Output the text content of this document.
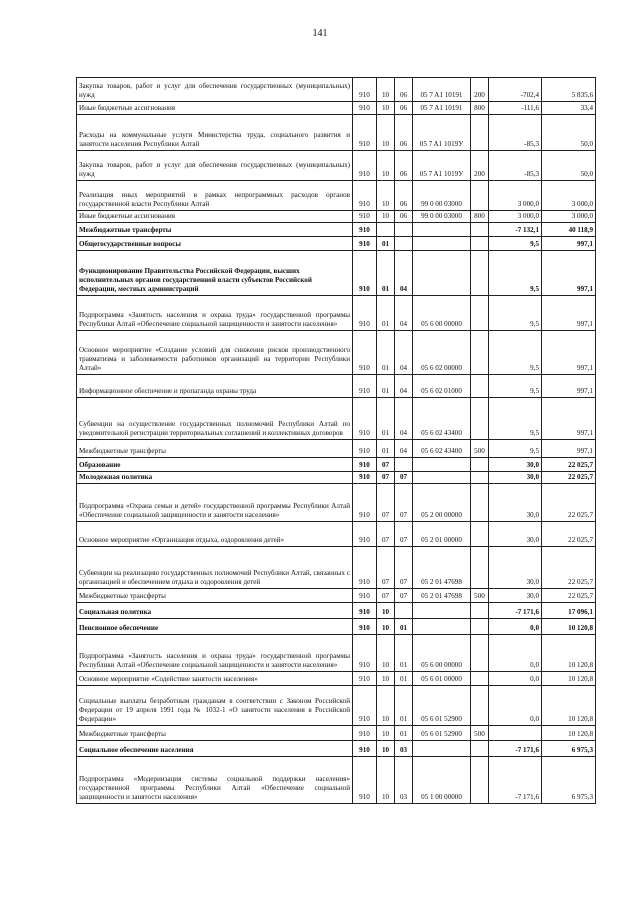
141
Закупка товаров, работ и услуг для обеспечения государственных (муниципальных) нужд	910	10	06	05 7 A1 10191	200	-702,4	5 835,6
Иные бюджетные ассигнования	910	10	06	05 7 A1 10191	800	-111,6	33,4
Расходы на коммунальные услуги Министерства труда, социального развития и занятости населения Республики Алтай	910	10	06	05 7 A1 1019У		-85,3	50,0
Закупка товаров, работ и услуг для обеспечения государственных (муниципальных) нужд	910	10	06	05 7 A1 1019У	200	-85,3	50,0
Реализация иных мероприятий в рамках непрограммных расходов органов государственной власти Республики Алтай	910	10	06	99 0 00 03000		3 000,0	3 000,0
Иные бюджетные ассигнования	910	10	06	99 0 00 03000	800	3 000,0	3 000,0
Межбюджетные трансферты	910					-7 132,1	40 118,9
Общегосударственные вопросы	910	01				9,5	997,1
Функционирование Правительства Российской Федерации, высших исполнительных органов государственной власти субъектов Российской Федерации, местных администраций	910	01	04			9,5	997,1
Подпрограмма «Занятость населения и охрана труда» государственной программы Республики Алтай «Обеспечение социальной защищенности и занятости населения»	910	01	04	05 6 00 00000		9,5	997,1
Основное мероприятие «Создание условий для снижения рисков производственного травматизма и заболеваемости работников организаций на территории Республики Алтай»	910	01	04	05 6 02 00000		9,5	997,1
Информационное обеспечение и пропаганда охраны труда	910	01	04	05 6 02 01000		9,5	997,1
Субвенции на осуществление государственных полномочий Республики Алтай по уведомительной регистрации территориальных соглашений и коллективных договоров	910	01	04	05 6 02 43400		9,5	997,1
Межбюджетные трансферты	910	01	04	05 6 02 43400	500	9,5	997,1
Образование	910	07				30,0	22 025,7
Молодежная политика	910	07	07			30,0	22 025,7
Подпрограмма «Охрана семьи и детей» государственной программы Республики Алтай «Обеспечение социальной защищенности и занятости населения»	910	07	07	05 2 00 00000		30,0	22 025,7
Основное мероприятие «Организация отдыха, оздоровления детей»	910	07	07	05 2 01 00000		30,0	22 025,7
Субвенции на реализацию государственных полномочий Республики Алтай, связанных с организацией и обеспечением отдыха и оздоровления детей	910	07	07	05 2 01 47698		30,0	22 025,7
Межбюджетные трансферты	910	07	07	05 2 01 47698	500	30,0	22 025,7
Социальная политика	910	10				-7 171,6	17 096,1
Пенсионное обеспечение	910	10	01			0,0	10 120,8
Подпрограмма «Занятость населения и охрана труда» государственной программы Республики Алтай «Обеспечение социальной защищенности и занятости населения»	910	10	01	05 6 00 00000		0,0	10 120,8
Основное мероприятие «Содействие занятости населения»	910	10	01	05 6 01 00000		0,0	10 120,8
Социальные выплаты безработным гражданам в соответствии с Законом Российской Федерации от 19 апреля 1991 года № 1032-1 «О занятости населения в Российской Федерации»	910	10	01	05 6 01 52900		0,0	10 120,8
Межбюджетные трансферты	910	10	01	05 6 01 52900	500		10 120,8
Социальное обеспечение населения	910	10	03			-7 171,6	6 975,3
Подпрограмма «Модернизация системы социальной поддержки населения» государственной программы Республики Алтай «Обеспечение социальной защищенности и занятости населения»	910	10	03	05 1 00 00000		-7 171,6	6 975,3
